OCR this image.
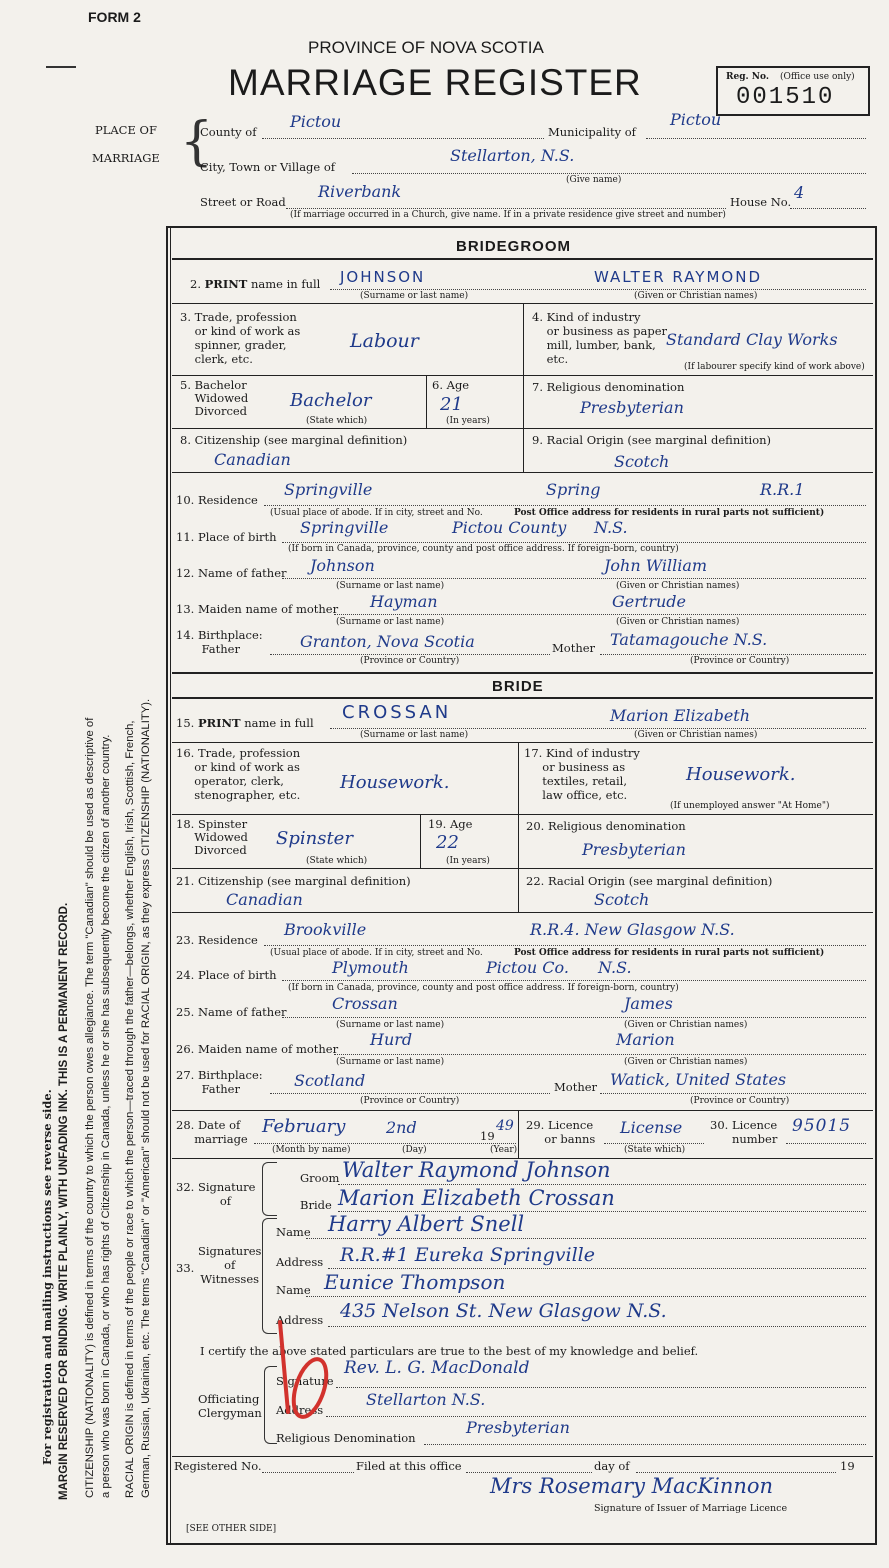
FORM 2
PROVINCE OF NOVA SCOTIA
MARRIAGE REGISTER	Reg. No. (Office use only)
001510
For registration and mailing instructions see reverse side. MARGIN RESERVED FOR BINDING. WRITE PLAINLY, WITH UNFADING INK. THIS IS A PERMANENT RECORD. CITIZENSHIP (NATIONALITY) is defined in terms of the country to which the person owes allegiance. The term "Canadian" should be used as descriptive of a person who was born in Canada, or who has rights of Citizenship in Canada, unless he or she has subsequently become the citizen of another country. RACIAL ORIGIN is defined in terms of the people or race to which the person—traced through the father—belongs, whether English, Irish, Scottish, French, German, Russian, Ukrainian, etc. The terms "Canadian" or "American" should not be used for RACIAL ORIGIN, as they express CITIZENSHIP (NATIONALITY).
PLACE OF
MARRIAGE {
County of
Pictou
Municipality of
Pictou
City, Town or Village of
Stellarton, N.S.
(Give name)
Street or Road
Riverbank
House No. 4
(If marriage occurred in a Church, give name. If in a private residence give street and number)
BRIDEGROOM
2. PRINT name in full JOHNSON	WALTER RAYMOND
(Surname or last name)	(Given or Christian names)
3. Trade, profession
or kind of work as
spinner, grader,
clerk, etc.
Labour
4. Kind of industry
or business as paper
mill, lumber, bank,
etc.
Standard Clay Works
(If labourer specify kind of work above)
5. Bachelor
Widowed
Divorced Bachelor
(State which)
6. Age
21
(In years)
7. Religious denomination
Presbyterian
8. Citizenship (see marginal definition)
Canadian
9. Racial Origin (see marginal definition)
Scotch
10. Residence
Springville	Spring	R.R.1
(Usual place of abode. If in city, street and No.	Post Office address for residents in rural parts not sufficient)
11. Place of birth Springville	Pictou County N.S.
(If born in Canada, province, county and post office address. If foreign-born, country)
12. Name of father Johnson	John William
(Surname or last name)	(Given or Christian names)
13. Maiden name of mother Hayman	Gertrude
(Surname or last name)	(Given or Christian names)
14. Birthplace:
Father	Granton, Nova Scotia	Mother Tatamagouche N.S.
(Province or Country)	(Province or Country)
BRIDE
15. PRINT name in full CROSSAN	Marion Elizabeth
(Surname or last name)	(Given or Christian names)
16. Trade, profession
or kind of work as
operator, clerk,
stenographer, etc.
Housework.
17. Kind of industry
or business as
textiles, retail,
law office, etc.
Housework.
(If unemployed answer "At Home")
18. Spinster
Widowed
Divorced
Spinster
(State which)
19. Age
22
(In years)
20. Religious denomination
Presbyterian
21. Citizenship (see marginal definition)
Canadian
22. Racial Origin (see marginal definition)
Scotch
23. Residence
Brookville	R.R.4. New Glasgow N.S.
(Usual place of abode. If in city, street and No.	Post Office address for residents in rural parts not sufficient)
24. Place of birth	Plymouth	Pictou Co. N.S.
(If born in Canada, province, county and post office address. If foreign-born, country)
25. Name of father	Crossan	James
(Surname or last name)	(Given or Christian names)
26. Maiden name of mother Hurd	Marion
(Surname or last name)	(Given or Christian names)
27. Birthplace:
Father	Scotland	Mother Watick, United States
(Province or Country)	(Province or Country)
28. Date of
marriage
February	2nd	19
49
(Month by name)	(Day)	(Year)
29. Licence
or banns
License
(State which)
30. Licence
number
95015
32. Signature
of
Groom Walter Raymond Johnson
Bride Marion Elizabeth Crossan
33.
Signatures
of
Witnesses
Name Harry Albert Snell
Address R.R.#1 Eureka Springville
Name Eunice Thompson
Address 435 Nelson St. New Glasgow N.S.
I certify the above stated particulars are true to the best of my knowledge and belief.
Officiating
Clergyman
Signature
Rev. L. G. MacDonald
Address
Stellarton N.S.
Religious Denomination
Presbyterian
Registered No.	Filed at this office	day of	19
Mrs Rosemary MacKinnon
Signature of Issuer of Marriage Licence
[SEE OTHER SIDE]
